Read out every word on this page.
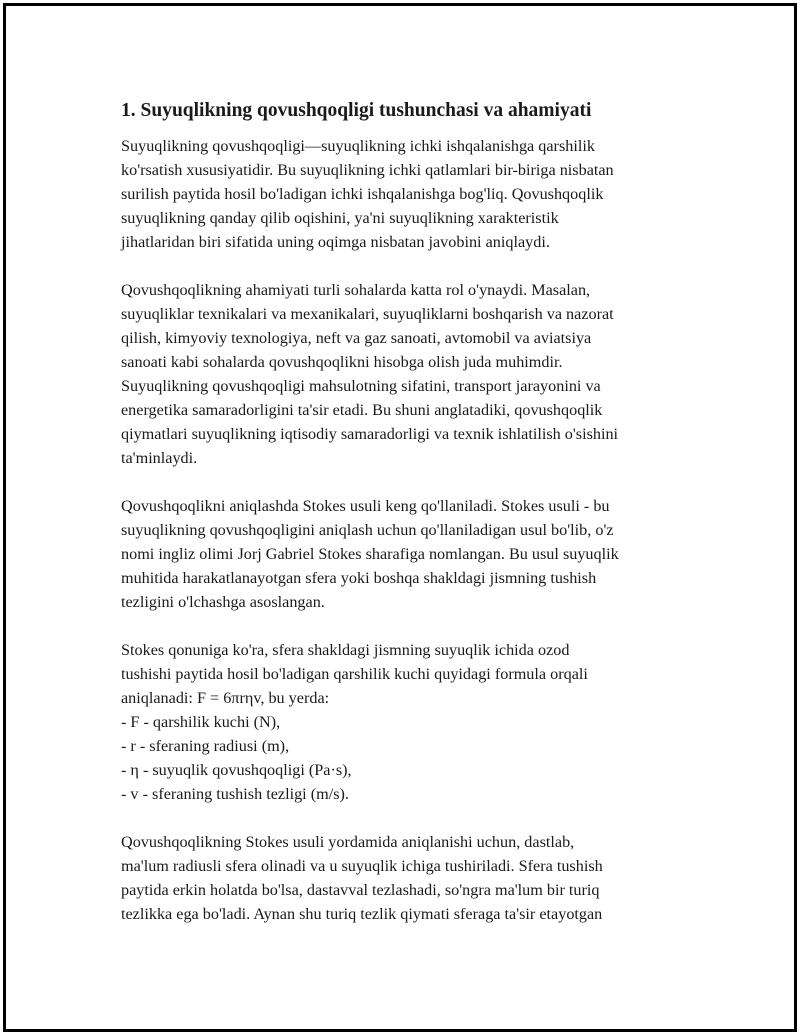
1. Suyuqlikning qovushqoqligi tushunchasi va ahamiyati

Suyuqlikning qovushqoqligi—suyuqlikning ichki ishqalanishga qarshilik
ko'rsatish xususiyatidir. Bu suyuqlikning ichki qatlamlari bir-biriga nisbatan
surilish paytida hosil bo'ladigan ichki ishqalanishga bog'liq. Qovushqoqlik
suyuqlikning qanday qilib oqishini, ya'ni suyuqlikning xarakteristik
jihatlaridan biri sifatida uning oqimga nisbatan javobini aniqlaydi.

Qovushqoqlikning ahamiyati turli sohalarda katta rol o'ynaydi. Masalan,
suyuqliklar texnikalari va mexanikalari, suyuqliklarni boshqarish va nazorat
qilish, kimyoviy texnologiya, neft va gaz sanoati, avtomobil va aviatsiya
sanoati kabi sohalarda qovushqoqlikni hisobga olish juda muhimdir.
Suyuqlikning qovushqoqligi mahsulotning sifatini, transport jarayonini va
energetika samaradorligini ta'sir etadi. Bu shuni anglatadiki, qovushqoqlik
qiymatlari suyuqlikning iqtisodiy samaradorligi va texnik ishlatilish o'sishini
ta'minlaydi.

Qovushqoqlikni aniqlashda Stokes usuli keng qo'llaniladi. Stokes usuli - bu
suyuqlikning qovushqoqligini aniqlash uchun qo'llaniladigan usul bo'lib, o'z
nomi ingliz olimi Jorj Gabriel Stokes sharafiga nomlangan. Bu usul suyuqlik
muhitida harakatlanayotgan sfera yoki boshqa shakldagi jismning tushish
tezligini o'lchashga asoslangan.

Stokes qonuniga ko'ra, sfera shakldagi jismning suyuqlik ichida ozod
tushishi paytida hosil bo'ladigan qarshilik kuchi quyidagi formula orqali
aniqlanadi: F = 6πrηv, bu yerda:
- F - qarshilik kuchi (N),
- r - sferaning radiusi (m),
- η - suyuqlik qovushqoqligi (Pa·s),
- v - sferaning tushish tezligi (m/s).

Qovushqoqlikning Stokes usuli yordamida aniqlanishi uchun, dastlab,
ma'lum radiusli sfera olinadi va u suyuqlik ichiga tushiriladi. Sfera tushish
paytida erkin holatda bo'lsa, dastavval tezlashadi, so'ngra ma'lum bir turiq
tezlikka ega bo'ladi. Aynan shu turiq tezlik qiymati sferaga ta'sir etayotgan
